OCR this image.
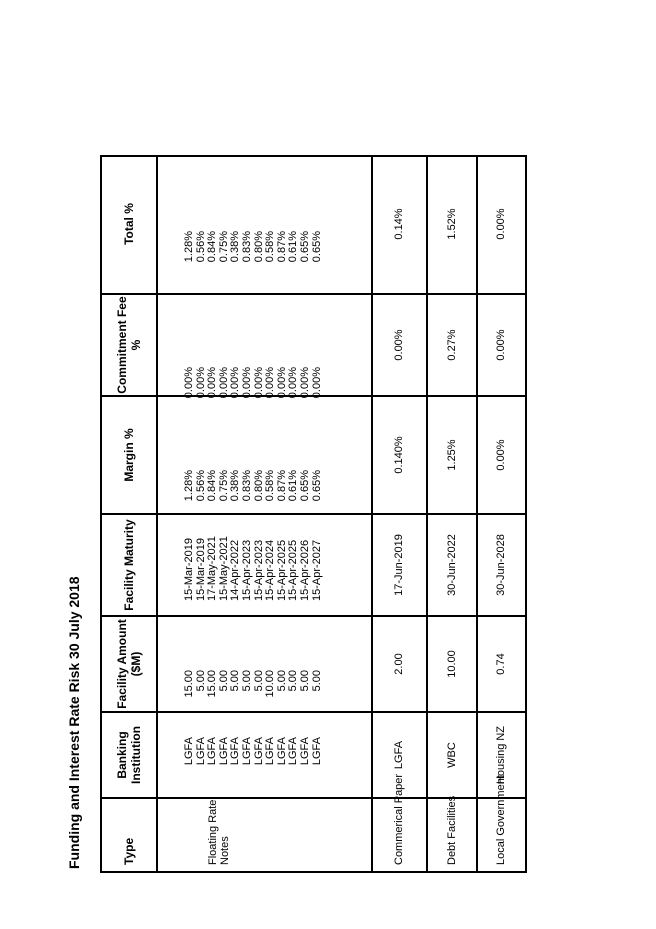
Funding and Interest Rate Risk 30 July 2018	Type
Banking Institution
Facility Amount ($M)
Facility Maturity
Margin %
Commitment Fee %
Total %
Floating Rate Notes
LGFA LGFA LGFA LGFA LGFA LGFA LGFA LGFA LGFA LGFA LGFA LGFA
15.00 5.00 15.00 5.00 5.00 5.00 5.00 10.00 5.00 5.00 5.00 5.00
15-Mar-2019 15-Mar-2019 17-May-2021 15-May-2021 14-Apr-2022 15-Apr-2023 15-Apr-2023 15-Apr-2024 15-Apr-2025 15-Apr-2025 15-Apr-2026 15-Apr-2027
1.28% 0.56% 0.84% 0.75% 0.38% 0.83% 0.80% 0.58% 0.87% 0.61% 0.65% 0.65%
0.00% 0.00% 0.00% 0.00% 0.00% 0.00% 0.00% 0.00% 0.00% 0.00% 0.00% 0.00%
1.28% 0.56% 0.84% 0.75% 0.38% 0.83% 0.80% 0.58% 0.87% 0.61% 0.65% 0.65%
Commerical Paper
LGFA
2.00
17-Jun-2019
0.140%
0.00%
0.14%
Debt Facilities
WBC
10.00
30-Jun-2022
1.25%
0.27%
1.52%
Local Government
Housing NZ
0.74
30-Jun-2028
0.00%
0.00%
0.00%
